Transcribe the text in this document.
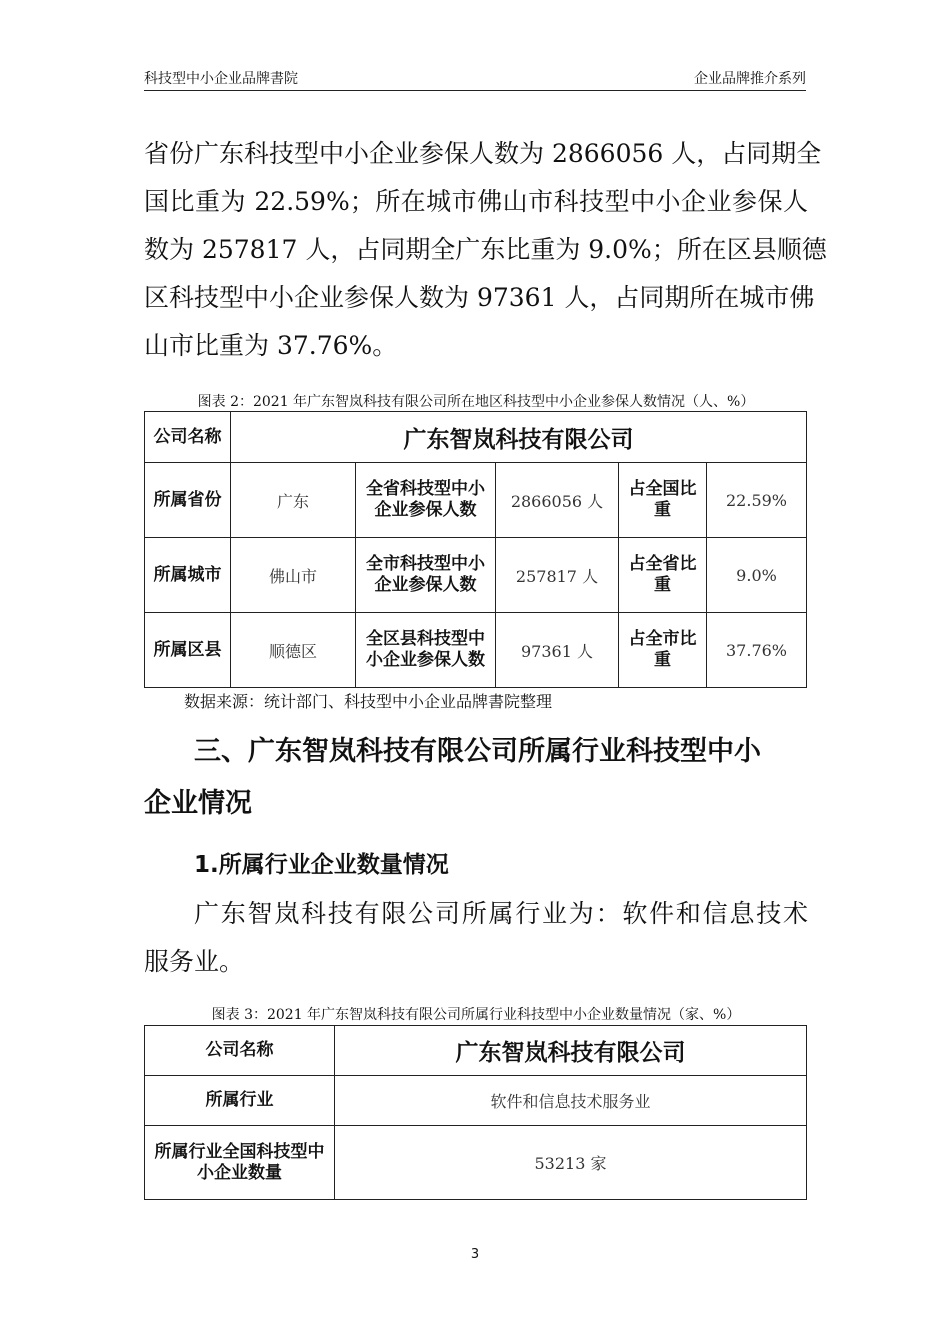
科技型中小企业品牌書院	企业品牌推介系列

省份广东科技型中小企业参保人数为 2866056 人，占同期全
国比重为 22.59%；所在城市佛山市科技型中小企业参保人
数为 257817 人，占同期全广东比重为 9.0%；所在区县顺德
区科技型中小企业参保人数为 97361 人，占同期所在城市佛
山市比重为 37.76%。

图表 2：2021 年广东智岚科技有限公司所在地区科技型中小企业参保人数情况（人、%）
公司名称	广东智岚科技有限公司				
所属省份	广东	全省科技型中小企业参保人数	2866056 人	占全国比重	22.59%
所属城市	佛山市	全市科技型中小企业参保人数	257817 人	占全省比重	9.0%
所属区县	顺德区	全区县科技型中小企业参保人数	97361 人	占全市比重	37.76%
数据来源：统计部门、科技型中小企业品牌書院整理

三、广东智岚科技有限公司所属行业科技型中小
企业情况

1.所属行业企业数量情况

广东智岚科技有限公司所属行业为：软件和信息技术
服务业。

图表 3：2021 年广东智岚科技有限公司所属行业科技型中小企业数量情况（家、%）
公司名称	广东智岚科技有限公司
所属行业	软件和信息技术服务业
所属行业全国科技型中小企业数量	53213 家
3
